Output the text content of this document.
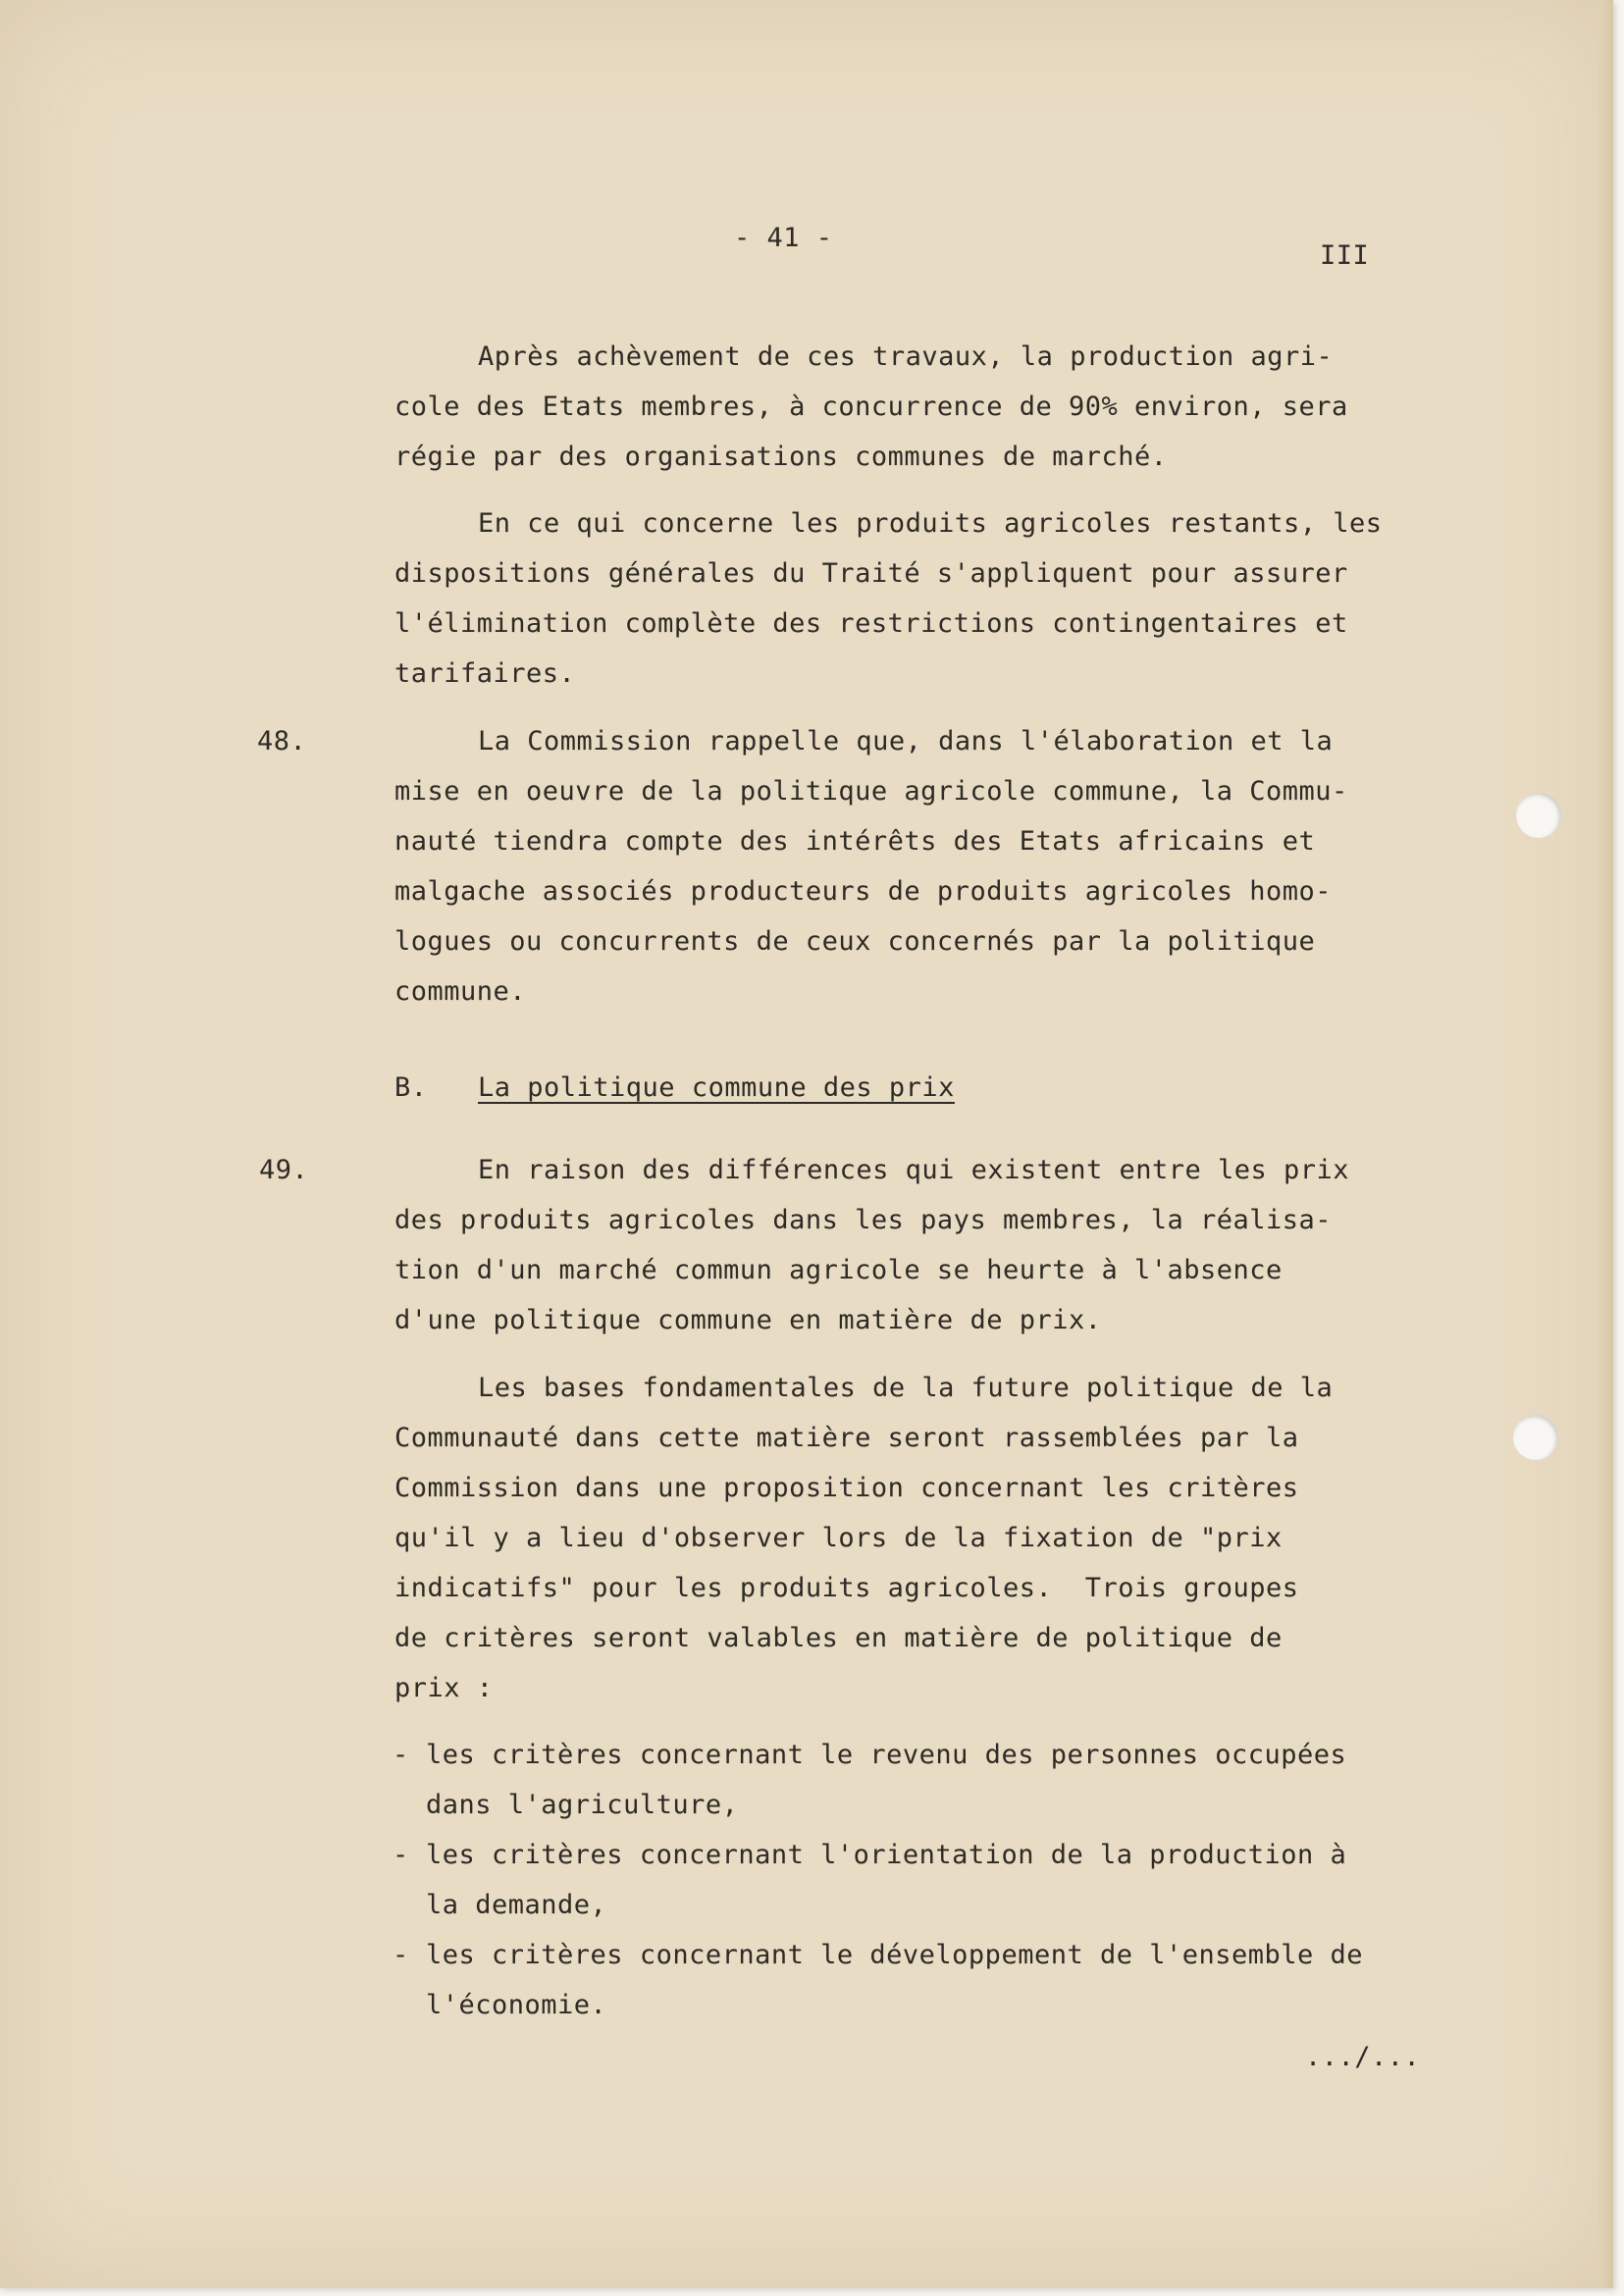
- 41 -

III

Après achèvement de ces travaux, la production agri-

cole des Etats membres, à concurrence de 90% environ, sera

régie par des organisations communes de marché.

En ce qui concerne les produits agricoles restants, les

dispositions générales du Traité s'appliquent pour assurer

l'élimination complète des restrictions contingentaires et

tarifaires.

48.	La Commission rappelle que, dans l'élaboration et la

mise en oeuvre de la politique agricole commune, la Commu-

nauté tiendra compte des intérêts des Etats africains et

malgache associés producteurs de produits agricoles homo-

logues ou concurrents de ceux concernés par la politique

commune.

B. La politique commune des prix

49.	En raison des différences qui existent entre les prix

des produits agricoles dans les pays membres, la réalisa-

tion d'un marché commun agricole se heurte à l'absence

d'une politique commune en matière de prix.

Les bases fondamentales de la future politique de la

Communauté dans cette matière seront rassemblées par la

Commission dans une proposition concernant les critères

qu'il y a lieu d'observer lors de la fixation de "prix

indicatifs" pour les produits agricoles.  Trois groupes

de critères seront valables en matière de politique de

prix :

- les critères concernant le revenu des personnes occupées

dans l'agriculture,

- les critères concernant l'orientation de la production à

la demande,

- les critères concernant le développement de l'ensemble de

l'économie.

.../...
